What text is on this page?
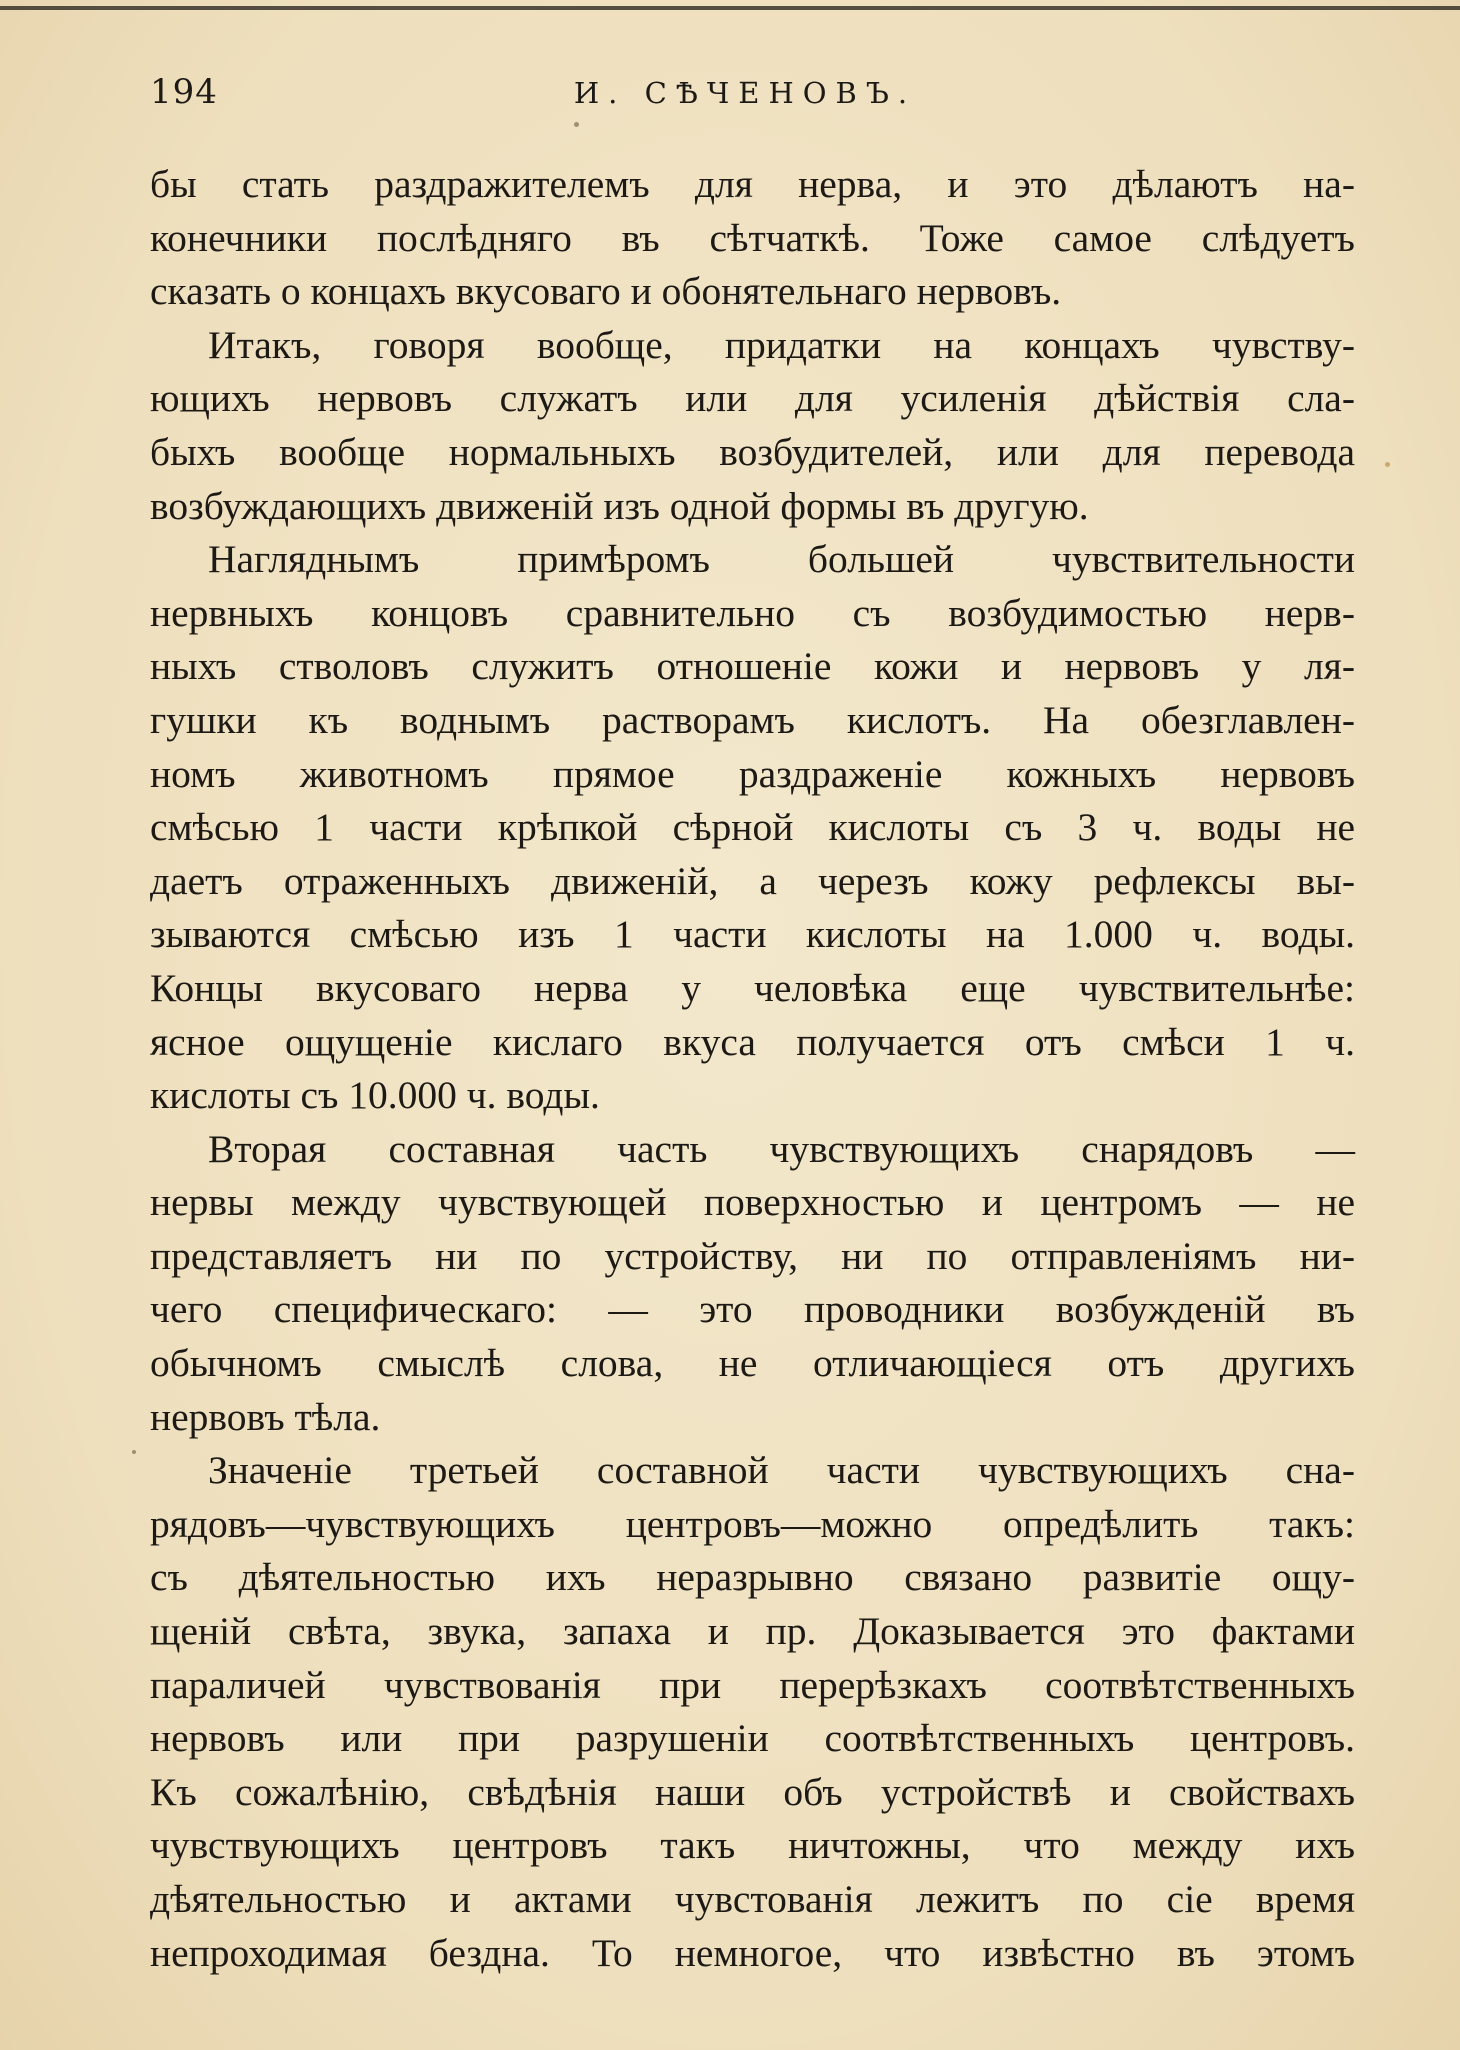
194	И. СѢЧЕНОВЪ.
бы стать раздражителемъ для нерва, и это дѣлаютъ на-
конечники послѣдняго въ сѣтчаткѣ. Тоже самое слѣдуетъ
сказать о концахъ вкусоваго и обонятельнаго нервовъ.
Итакъ, говоря вообще, придатки на концахъ чувству-
ющихъ нервовъ служатъ или для усиленія дѣйствія сла-
быхъ вообще нормальныхъ возбудителей, или для перевода
возбуждающихъ движеній изъ одной формы въ другую.
Нагляднымъ примѣромъ большей чувствительности
нервныхъ концовъ сравнительно съ возбудимостью нерв-
ныхъ стволовъ служитъ отношеніе кожи и нервовъ у ля-
гушки къ воднымъ растворамъ кислотъ. На обезглавлен-
номъ животномъ прямое раздраженіе кожныхъ нервовъ
смѣсью 1 части крѣпкой сѣрной кислоты съ 3 ч. воды не
даетъ отраженныхъ движеній, а черезъ кожу рефлексы вы-
зываются смѣсью изъ 1 части кислоты на 1.000 ч. воды.
Концы вкусоваго нерва у человѣка еще чувствительнѣе:
ясное ощущеніе кислаго вкуса получается отъ смѣси 1 ч.
кислоты съ 10.000 ч. воды.
Вторая составная часть чувствующихъ снарядовъ —
нервы между чувствующей поверхностью и центромъ — не
представляетъ ни по устройству, ни по отправленіямъ ни-
чего специфическаго: — это проводники возбужденій въ
обычномъ смыслѣ слова, не отличающіеся отъ другихъ
нервовъ тѣла.
Значеніе третьей составной части чувствующихъ сна-
рядовъ—чувствующихъ центровъ—можно опредѣлить такъ:
съ дѣятельностью ихъ неразрывно связано развитіе ощу-
щеній свѣта, звука, запаха и пр. Доказывается это фактами
параличей чувствованія при перерѣзкахъ соотвѣтственныхъ
нервовъ или при разрушеніи соотвѣтственныхъ центровъ.
Къ сожалѣнію, свѣдѣнія наши объ устройствѣ и свойствахъ
чувствующихъ центровъ такъ ничтожны, что между ихъ
дѣятельностью и актами чувстованія лежитъ по сіе время
непроходимая бездна. То немногое, что извѣстно въ этомъ
